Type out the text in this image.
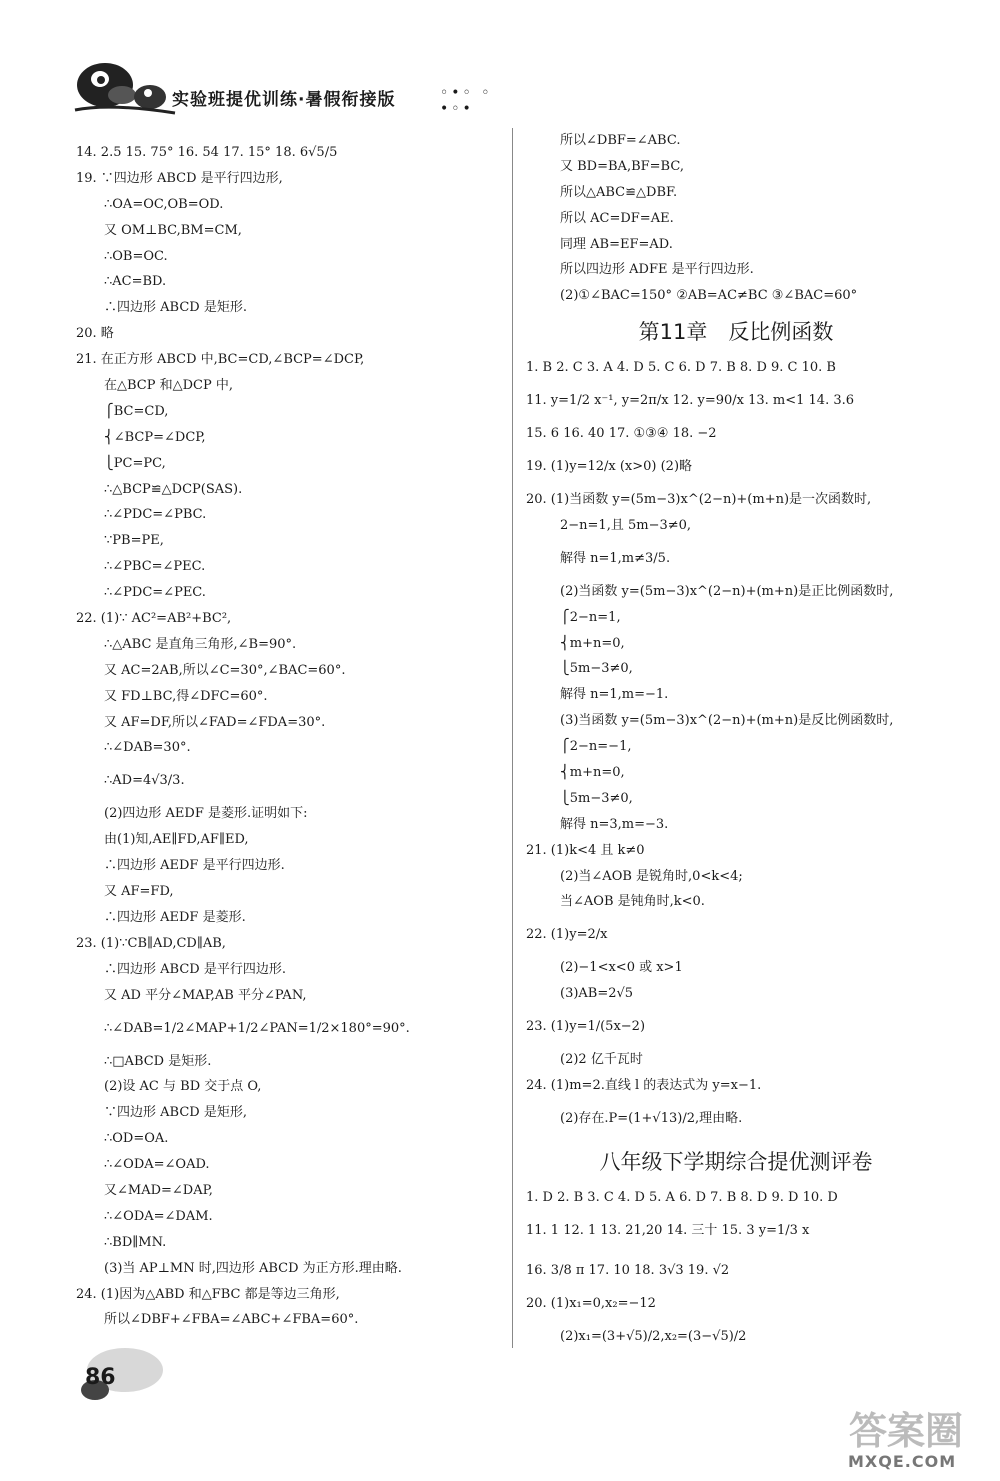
实验班提优训练·暑假衔接版	◦•◦ ◦ •◦•
14. 2.5 15. 75° 16. 54 17. 15° 18. 6√5/5
19. ∵四边形 ABCD 是平行四边形,
∴OA=OC,OB=OD.
又 OM⊥BC,BM=CM,
∴OB=OC.
∴AC=BD.
∴四边形 ABCD 是矩形.
20. 略
21. 在正方形 ABCD 中,BC=CD,∠BCP=∠DCP,
在△BCP 和△DCP 中,
⎧BC=CD,
⎨∠BCP=∠DCP,
⎩PC=PC,
∴△BCP≌△DCP(SAS).
∴∠PDC=∠PBC.
∵PB=PE,
∴∠PBC=∠PEC.
∴∠PDC=∠PEC.
22. (1)∵ AC²=AB²+BC²,
∴△ABC 是直角三角形,∠B=90°.
又 AC=2AB,所以∠C=30°,∠BAC=60°.
又 FD⊥BC,得∠DFC=60°.
又 AF=DF,所以∠FAD=∠FDA=30°.
∴∠DAB=30°.
∴AD=4√3/3.
(2)四边形 AEDF 是菱形.证明如下:
由(1)知,AE∥FD,AF∥ED,
∴四边形 AEDF 是平行四边形.
又 AF=FD,
∴四边形 AEDF 是菱形.
23. (1)∵CB∥AD,CD∥AB,
∴四边形 ABCD 是平行四边形.
又 AD 平分∠MAP,AB 平分∠PAN,
∴∠DAB=1/2∠MAP+1/2∠PAN=1/2×180°=90°.
∴□ABCD 是矩形.
(2)设 AC 与 BD 交于点 O,
∵四边形 ABCD 是矩形,
∴OD=OA.
∴∠ODA=∠OAD.
又∠MAD=∠DAP,
∴∠ODA=∠DAM.
∴BD∥MN.
(3)当 AP⊥MN 时,四边形 ABCD 为正方形.理由略.
24. (1)因为△ABD 和△FBC 都是等边三角形,
所以∠DBF+∠FBA=∠ABC+∠FBA=60°.
所以∠DBF=∠ABC.
又 BD=BA,BF=BC,
所以△ABC≌△DBF.
所以 AC=DF=AE.
同理 AB=EF=AD.
所以四边形 ADFE 是平行四边形.
(2)①∠BAC=150° ②AB=AC≠BC ③∠BAC=60°
第11章　反比例函数
1. B 2. C 3. A 4. D 5. C 6. D 7. B 8. D 9. C 10. B
11. y=1/2 x⁻¹, y=2π/x 12. y=90/x 13. m<1 14. 3.6
15. 6 16. 40 17. ①③④ 18. −2
19. (1)y=12/x (x>0) (2)略
20. (1)当函数 y=(5m−3)x^(2−n)+(m+n)是一次函数时,
2−n=1,且 5m−3≠0,
解得 n=1,m≠3/5.
(2)当函数 y=(5m−3)x^(2−n)+(m+n)是正比例函数时,
⎧2−n=1,
⎨m+n=0,
⎩5m−3≠0,
解得 n=1,m=−1.
(3)当函数 y=(5m−3)x^(2−n)+(m+n)是反比例函数时,
⎧2−n=−1,
⎨m+n=0,
⎩5m−3≠0,
解得 n=3,m=−3.
21. (1)k<4 且 k≠0
(2)当∠AOB 是锐角时,0<k<4;
当∠AOB 是钝角时,k<0.
22. (1)y=2/x
(2)−1<x<0 或 x>1
(3)AB=2√5
23. (1)y=1/(5x−2)
(2)2 亿千瓦时
24. (1)m=2.直线 l 的表达式为 y=x−1.
(2)存在.P=(1+√13)/2,理由略.
八年级下学期综合提优测评卷
1. D 2. B 3. C 4. D 5. A 6. D 7. B 8. D 9. D 10. D
11. 1 12. 1 13. 21,20 14. 三十 15. 3 y=1/3 x
16. 3/8 π 17. 10 18. 3√3 19. √2
20. (1)x₁=0,x₂=−12
(2)x₁=(3+√5)/2,x₂=(3−√5)/2
86
答案圈
MXQE.COM
